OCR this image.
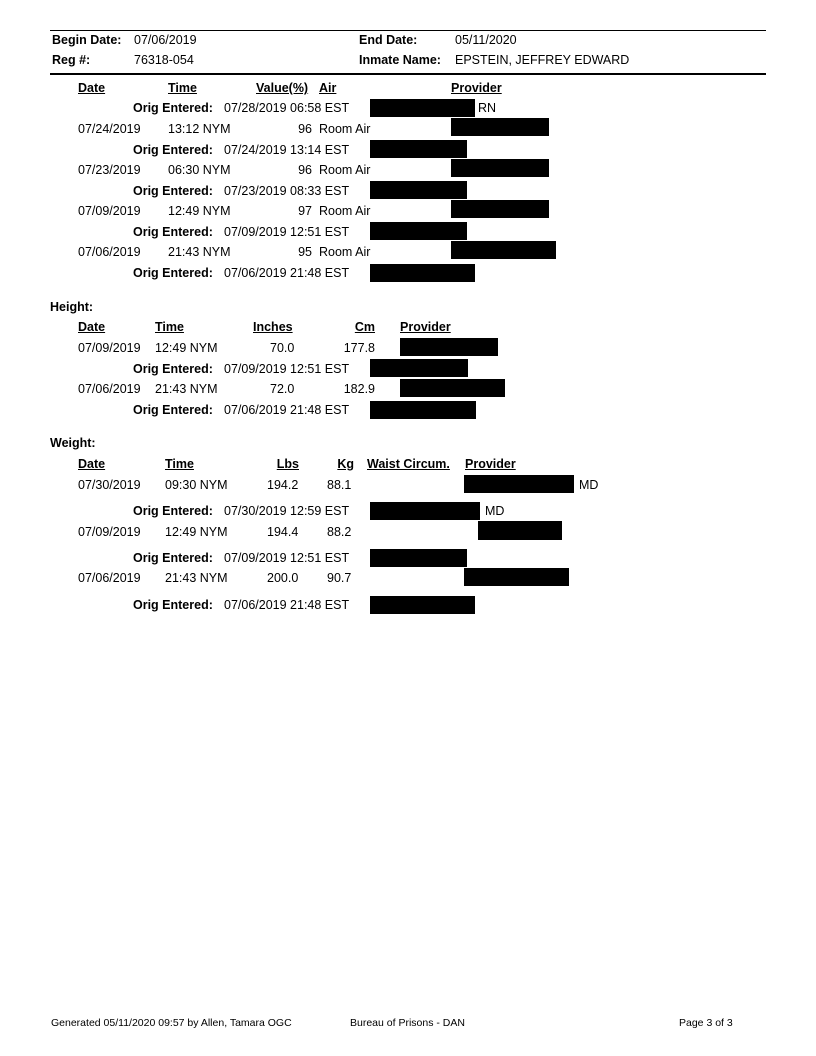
Begin Date: 07/06/2019	End Date:	05/11/2020
Reg #:	76318-054	Inmate Name: EPSTEIN, JEFFREY EDWARD
Date	Time	Value(%) Air	Provider
Orig Entered: 07/28/2019 06:58 EST	RN
07/24/2019 13:12 NYM	96 Room Air
Orig Entered: 07/24/2019 13:14 EST
07/23/2019 06:30 NYM	96 Room Air
Orig Entered: 07/23/2019 08:33 EST
07/09/2019 12:49 NYM	97 Room Air
Orig Entered: 07/09/2019 12:51 EST
07/06/2019 21:43 NYM	95 Room Air
Orig Entered: 07/06/2019 21:48 EST
Height:
Date	Time	Inches	Cm Provider
07/09/2019 12:49 NYM	70.0	177.8
Orig Entered: 07/09/2019 12:51 EST
07/06/2019 21:43 NYM	72.0	182.9
Orig Entered: 07/06/2019 21:48 EST
Weight:
Date	Time	Lbs	Kg Waist Circum. Provider
07/30/2019 09:30 NYM	194.2 88.1	MD
Orig Entered: 07/30/2019 12:59 EST	MD
07/09/2019 12:49 NYM	194.4 88.2
Orig Entered: 07/09/2019 12:51 EST
07/06/2019 21:43 NYM	200.0 90.7
Orig Entered: 07/06/2019 21:48 EST
Generated 05/11/2020 09:57 by Allen, Tamara OGC	Bureau of Prisons - DAN	Page 3 of 3
